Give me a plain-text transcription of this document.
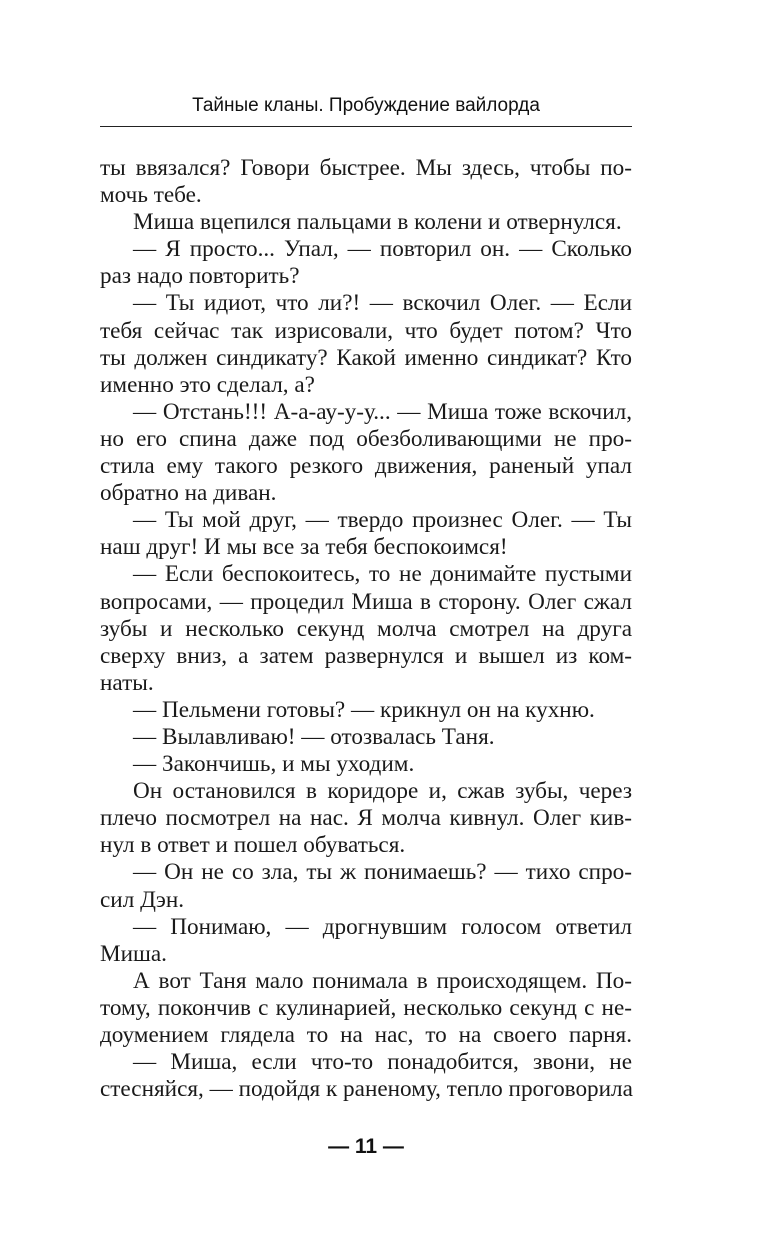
Тайные кланы. Пробуждение вайлорда
ты ввязался? Говори быстрее. Мы здесь, чтобы по-
мочь тебе.
Миша вцепился пальцами в колени и отвернулся.
— Я просто... Упал, — повторил он. — Сколько
раз надо повторить?
— Ты идиот, что ли?! — вскочил Олег. — Если
тебя сейчас так изрисовали, что будет потом? Что
ты должен синдикату? Какой именно синдикат? Кто
именно это сделал, а?
— Отстань!!! А-а-ау-у-у... — Миша тоже вскочил,
но его спина даже под обезболивающими не про-
стила ему такого резкого движения, раненый упал
обратно на диван.
— Ты мой друг, — твердо произнес Олег. — Ты
наш друг! И мы все за тебя беспокоимся!
— Если беспокоитесь, то не донимайте пустыми
вопросами, — процедил Миша в сторону. Олег сжал
зубы и несколько секунд молча смотрел на друга
сверху вниз, а затем развернулся и вышел из ком-
наты.
— Пельмени готовы? — крикнул он на кухню.
— Вылавливаю! — отозвалась Таня.
— Закончишь, и мы уходим.
Он остановился в коридоре и, сжав зубы, через
плечо посмотрел на нас. Я молча кивнул. Олег кив-
нул в ответ и пошел обуваться.
— Он не со зла, ты ж понимаешь? — тихо спро-
сил Дэн.
— Понимаю, — дрогнувшим голосом ответил
Миша.
А вот Таня мало понимала в происходящем. По-
тому, покончив с кулинарией, несколько секунд с не-
доумением глядела то на нас, то на своего парня.
— Миша, если что-то понадобится, звони, не
стесняйся, — подойдя к раненому, тепло проговорила
— 11 —
